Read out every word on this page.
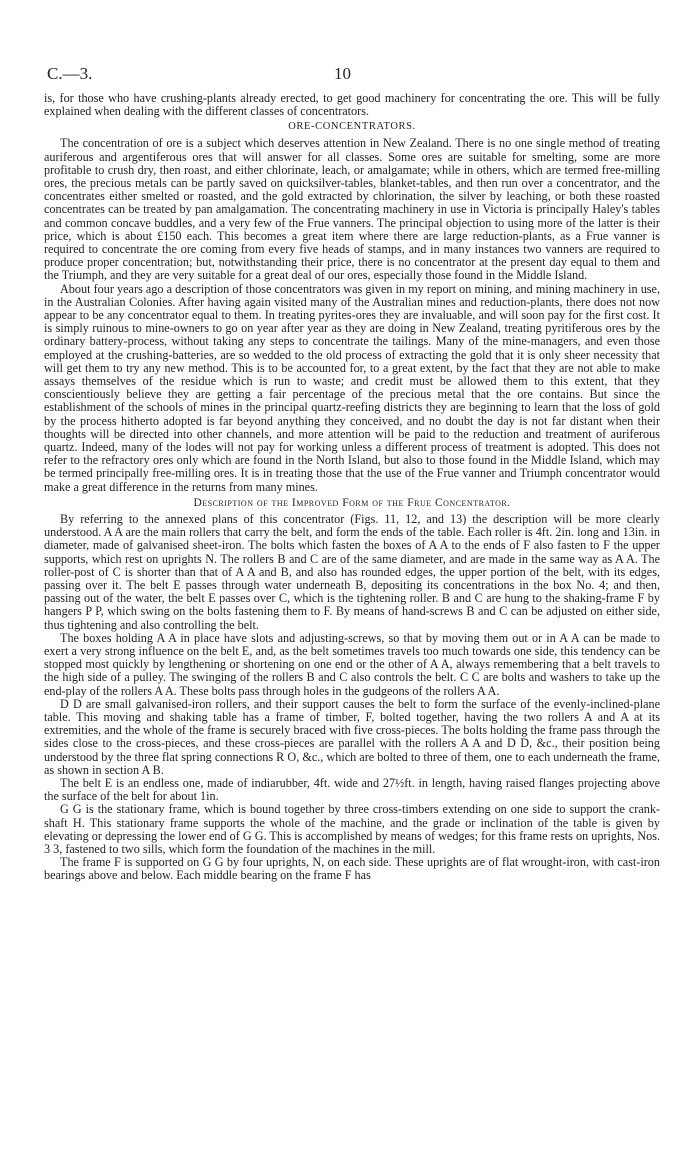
C.—3.	10

is, for those who have crushing-plants already erected, to get good machinery for concentrating the ore. This will be fully explained when dealing with the different classes of concentrators.

ORE-CONCENTRATORS.

The concentration of ore is a subject which deserves attention in New Zealand. There is no one single method of treating auriferous and argentiferous ores that will answer for all classes. Some ores are suitable for smelting, some are more profitable to crush dry, then roast, and either chlorinate, leach, or amalgamate; while in others, which are termed free-milling ores, the precious metals can be partly saved on quicksilver-tables, blanket-tables, and then run over a concentrator, and the concentrates either smelted or roasted, and the gold extracted by chlorination, the silver by leaching, or both these roasted concentrates can be treated by pan amalgamation. The concentrating machinery in use in Victoria is principally Haley's tables and common concave buddles, and a very few of the Frue vanners. The principal objection to using more of the latter is their price, which is about £150 each. This becomes a great item where there are large reduction-plants, as a Frue vanner is required to concentrate the ore coming from every five heads of stamps, and in many instances two vanners are required to produce proper concentration; but, notwithstanding their price, there is no concentrator at the present day equal to them and the Triumph, and they are very suitable for a great deal of our ores, especially those found in the Middle Island.

About four years ago a description of those concentrators was given in my report on mining, and mining machinery in use, in the Australian Colonies. After having again visited many of the Australian mines and reduction-plants, there does not now appear to be any concentrator equal to them. In treating pyrites-ores they are invaluable, and will soon pay for the first cost. It is simply ruinous to mine-owners to go on year after year as they are doing in New Zealand, treating pyritiferous ores by the ordinary battery-process, without taking any steps to concentrate the tailings. Many of the mine-managers, and even those employed at the crushing-batteries, are so wedded to the old process of extracting the gold that it is only sheer necessity that will get them to try any new method. This is to be accounted for, to a great extent, by the fact that they are not able to make assays themselves of the residue which is run to waste; and credit must be allowed them to this extent, that they conscientiously believe they are getting a fair percentage of the precious metal that the ore contains. But since the establishment of the schools of mines in the principal quartz-reefing districts they are beginning to learn that the loss of gold by the process hitherto adopted is far beyond anything they conceived, and no doubt the day is not far distant when their thoughts will be directed into other channels, and more attention will be paid to the reduction and treatment of auriferous quartz. Indeed, many of the lodes will not pay for working unless a different process of treatment is adopted. This does not refer to the refractory ores only which are found in the North Island, but also to those found in the Middle Island, which may be termed principally free-milling ores. It is in treating those that the use of the Frue vanner and Triumph concentrator would make a great difference in the returns from many mines.

Description of the Improved Form of the Frue Concentrator.

By referring to the annexed plans of this concentrator (Figs. 11, 12, and 13) the description will be more clearly understood. A A are the main rollers that carry the belt, and form the ends of the table. Each roller is 4ft. 2in. long and 13in. in diameter, made of galvanised sheet-iron. The bolts which fasten the boxes of A A to the ends of F also fasten to F the upper supports, which rest on uprights N. The rollers B and C are of the same diameter, and are made in the same way as A A. The roller-post of C is shorter than that of A A and B, and also has rounded edges, the upper portion of the belt, with its edges, passing over it. The belt E passes through water underneath B, depositing its concentrations in the box No. 4; and then, passing out of the water, the belt E passes over C, which is the tightening roller. B and C are hung to the shaking-frame F by hangers P P, which swing on the bolts fastening them to F. By means of hand-screws B and C can be adjusted on either side, thus tightening and also controlling the belt.

The boxes holding A A in place have slots and adjusting-screws, so that by moving them out or in A A can be made to exert a very strong influence on the belt E, and, as the belt sometimes travels too much towards one side, this tendency can be stopped most quickly by lengthening or shortening on one end or the other of A A, always remembering that a belt travels to the high side of a pulley. The swinging of the rollers B and C also controls the belt. C C are bolts and washers to take up the end-play of the rollers A A. These bolts pass through holes in the gudgeons of the rollers A A.

D D are small galvanised-iron rollers, and their support causes the belt to form the surface of the evenly-inclined-plane table. This moving and shaking table has a frame of timber, F, bolted together, having the two rollers A and A at its extremities, and the whole of the frame is securely braced with five cross-pieces. The bolts holding the frame pass through the sides close to the cross-pieces, and these cross-pieces are parallel with the rollers A A and D D, &c., their position being understood by the three flat spring connections R O, &c., which are bolted to three of them, one to each underneath the frame, as shown in section A B.

The belt E is an endless one, made of indiarubber, 4ft. wide and 27½ft. in length, having raised flanges projecting above the surface of the belt for about 1in.

G G is the stationary frame, which is bound together by three cross-timbers extending on one side to support the crank-shaft H. This stationary frame supports the whole of the machine, and the grade or inclination of the table is given by elevating or depressing the lower end of G G. This is accomplished by means of wedges; for this frame rests on uprights, Nos. 3 3, fastened to two sills, which form the foundation of the machines in the mill.

The frame F is supported on G G by four uprights, N, on each side. These uprights are of flat wrought-iron, with cast-iron bearings above and below. Each middle bearing on the frame F has
